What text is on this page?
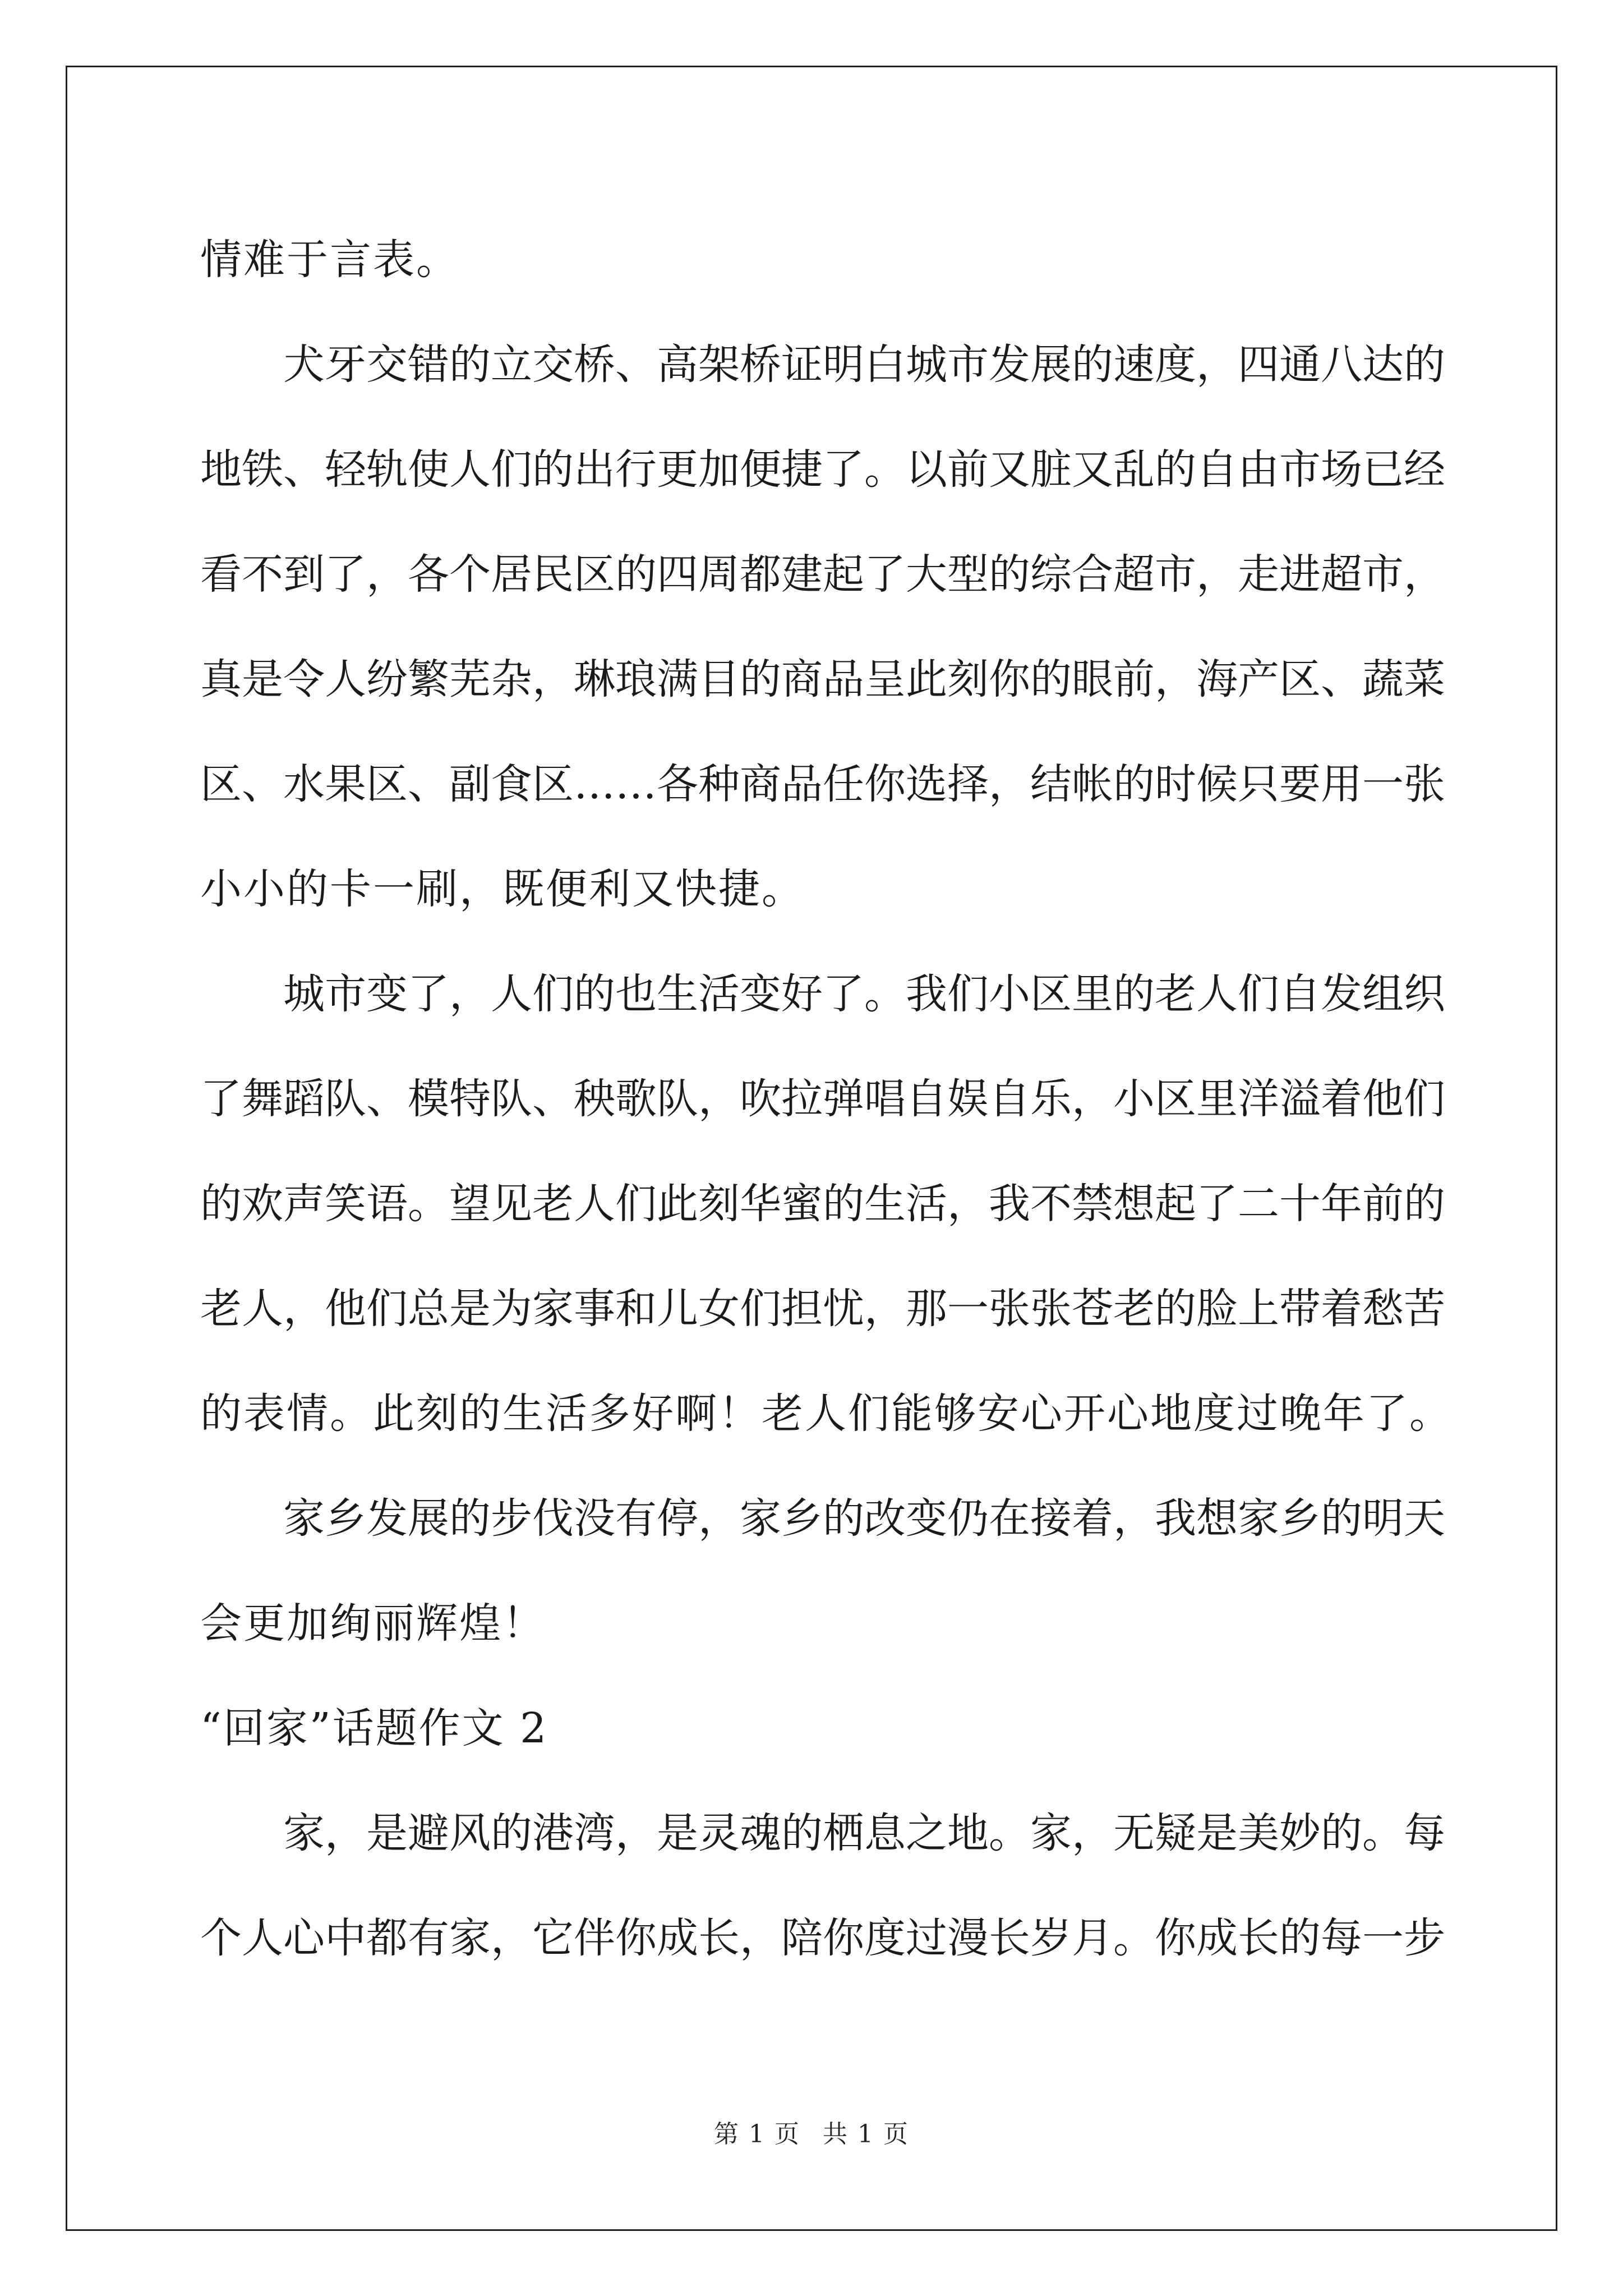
情难于言表。
犬牙交错的立交桥、高架桥证明白城市发展的速度，四通八达的
地铁、轻轨使人们的出行更加便捷了。以前又脏又乱的自由市场已经
看不到了，各个居民区的四周都建起了大型的综合超市，走进超市，
真是令人纷繁芜杂，琳琅满目的商品呈此刻你的眼前，海产区、蔬菜
区、水果区、副食区……各种商品任你选择，结帐的时候只要用一张
小小的卡一刷，既便利又快捷。
城市变了，人们的也生活变好了。我们小区里的老人们自发组织
了舞蹈队、模特队、秧歌队，吹拉弹唱自娱自乐，小区里洋溢着他们
的欢声笑语。望见老人们此刻华蜜的生活，我不禁想起了二十年前的
老人，他们总是为家事和儿女们担忧，那一张张苍老的脸上带着愁苦
的表情。此刻的生活多好啊！老人们能够安心开心地度过晚年了。
家乡发展的步伐没有停，家乡的改变仍在接着，我想家乡的明天
会更加绚丽辉煌！
“回家”话题作文 2
家，是避风的港湾，是灵魂的栖息之地。家，无疑是美妙的。每
个人心中都有家，它伴你成长，陪你度过漫长岁月。你成长的每一步
第 1 页 共 1 页
